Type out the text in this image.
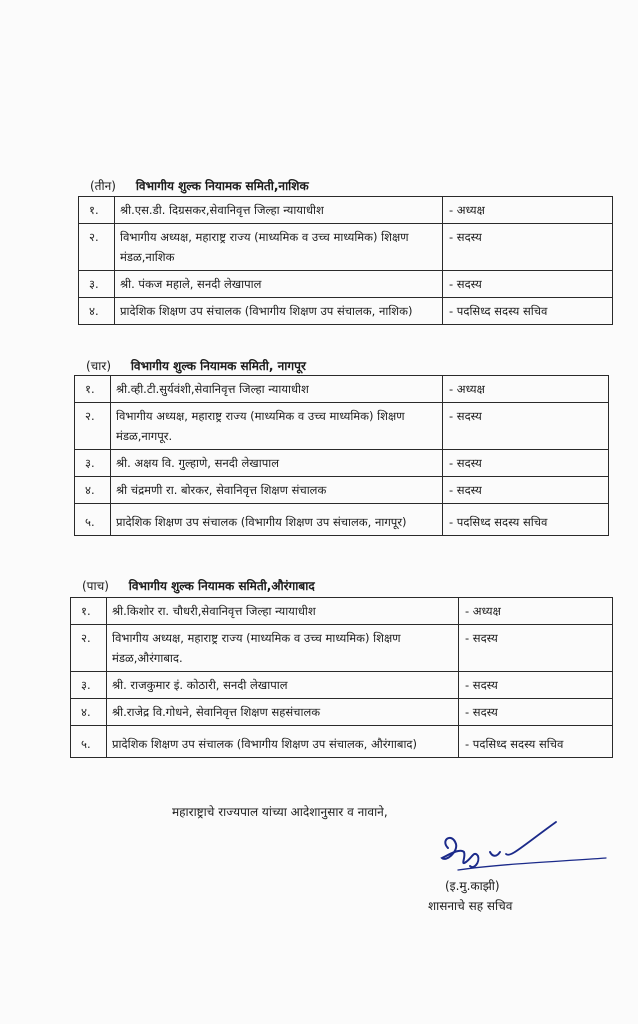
(तीन) विभागीय शुल्क नियामक समिती,नाशिक
१.	श्री.एस.डी. दिग्रसकर,सेवानिवृत्त जिल्हा न्यायाधीश	- अध्यक्ष
२.	विभागीय अध्यक्ष, महाराष्ट्र राज्य (माध्यमिक व उच्च माध्यमिक) शिक्षण मंडळ,नाशिक	- सदस्य
३.	श्री. पंकज महाले, सनदी लेखापाल	- सदस्य
४.	प्रादेशिक शिक्षण उप संचालक (विभागीय शिक्षण उप संचालक, नाशिक)	- पदसिध्द सदस्य सचिव
(चार) विभागीय शुल्क नियामक समिती, नागपूर
१.	श्री.व्ही.टी.सुर्यवंशी,सेवानिवृत्त जिल्हा न्यायाधीश	- अध्यक्ष
२.	विभागीय अध्यक्ष, महाराष्ट्र राज्य (माध्यमिक व उच्च माध्यमिक) शिक्षण मंडळ,नागपूर.	- सदस्य
३.	श्री. अक्षय वि. गुल्हाणे, सनदी लेखापाल	- सदस्य
४.	श्री चंद्रमणी रा. बोरकर, सेवानिवृत्त शिक्षण संचालक	- सदस्य
५.	प्रादेशिक शिक्षण उप संचालक (विभागीय शिक्षण उप संचालक, नागपूर)	- पदसिध्द सदस्य सचिव
(पाच) विभागीय शुल्क नियामक समिती,औरंगाबाद
१.	श्री.किशोर रा. चौधरी,सेवानिवृत्त जिल्हा न्यायाधीश	- अध्यक्ष
२.	विभागीय अध्यक्ष, महाराष्ट्र राज्य (माध्यमिक व उच्च माध्यमिक) शिक्षण मंडळ,औरंगाबाद.	- सदस्य
३.	श्री. राजकुमार इं. कोठारी, सनदी लेखापाल	- सदस्य
४.	श्री.राजेद्र वि.गोधने, सेवानिवृत्त शिक्षण सहसंचालक	- सदस्य
५.	प्रादेशिक शिक्षण उप संचालक (विभागीय शिक्षण उप संचालक, औरंगाबाद)	- पदसिध्द सदस्य सचिव
महाराष्ट्राचे राज्यपाल यांच्या आदेशानुसार व नावाने,
(इ.मु.काझी)
शासनाचे सह सचिव
